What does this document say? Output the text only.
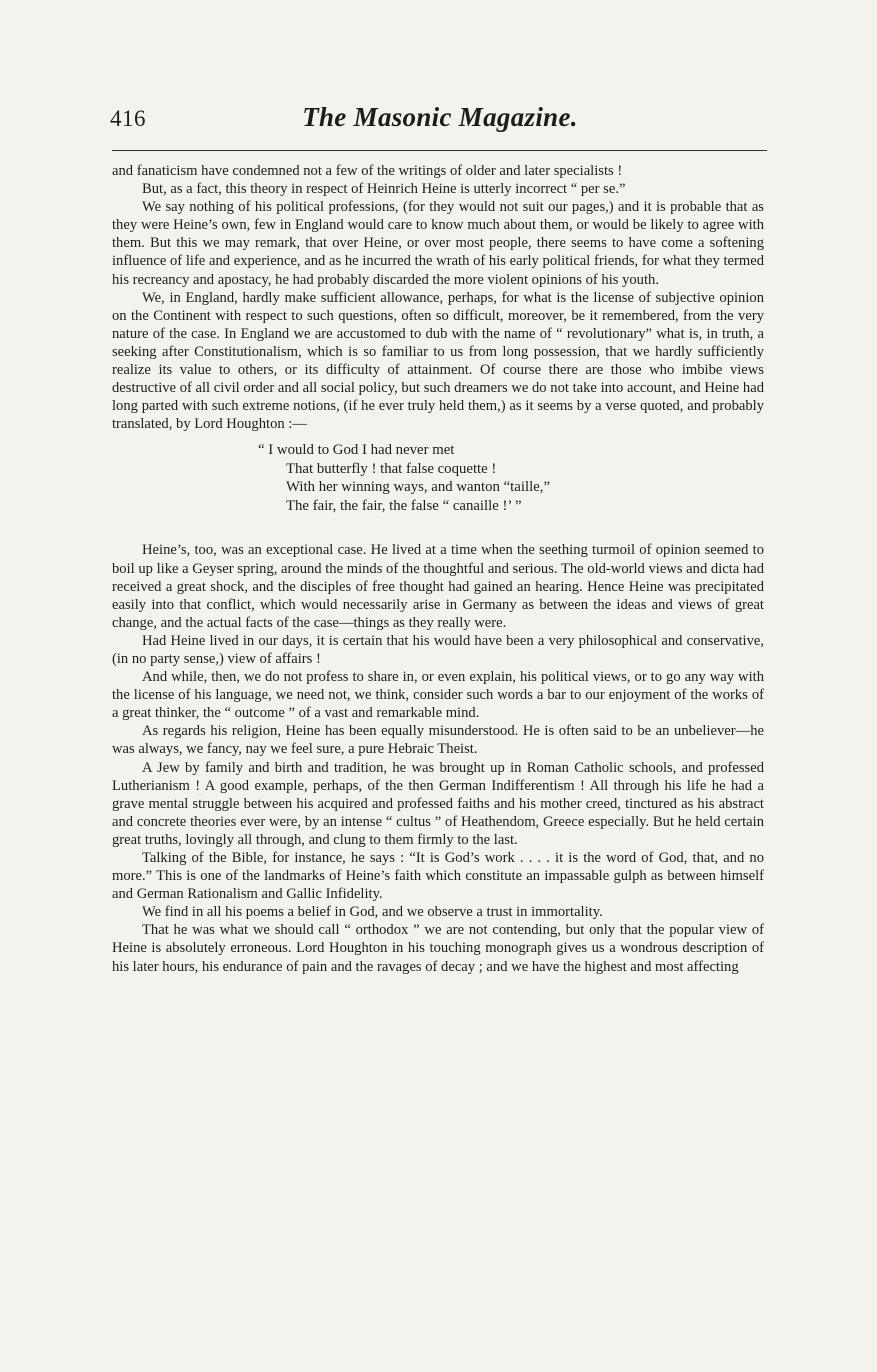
416	The Masonic Magazine.

and fanaticism have condemned not a few of the writings of older and later specialists !

But, as a fact, this theory in respect of Heinrich Heine is utterly incorrect “ per se.”

We say nothing of his political professions, (for they would not suit our pages,) and it is probable that as they were Heine’s own, few in England would care to know much about them, or would be likely to agree with them. But this we may remark, that over Heine, or over most people, there seems to have come a softening influence of life and experience, and as he incurred the wrath of his early political friends, for what they termed his recreancy and apostacy, he had probably discarded the more violent opinions of his youth.

We, in England, hardly make sufficient allowance, perhaps, for what is the license of subjective opinion on the Continent with respect to such questions, often so difficult, moreover, be it remembered, from the very nature of the case. In England we are accustomed to dub with the name of “ revolutionary” what is, in truth, a seeking after Constitutionalism, which is so familiar to us from long possession, that we hardly sufficiently realize its value to others, or its difficulty of attainment. Of course there are those who imbibe views destructive of all civil order and all social policy, but such dreamers we do not take into account, and Heine had long parted with such extreme notions, (if he ever truly held them,) as it seems by a verse quoted, and probably translated, by Lord Houghton :—

“ I would to God I had never met
That butterfly ! that false coquette !
With her winning ways, and wanton “taille,”
The fair, the fair, the false “ canaille !’ ”

Heine’s, too, was an exceptional case. He lived at a time when the seething turmoil of opinion seemed to boil up like a Geyser spring, around the minds of the thoughtful and serious. The old-world views and dicta had received a great shock, and the disciples of free thought had gained an hearing. Hence Heine was precipitated easily into that conflict, which would necessarily arise in Germany as between the ideas and views of great change, and the actual facts of the case—things as they really were.

Had Heine lived in our days, it is certain that his would have been a very philosophical and conservative, (in no party sense,) view of affairs !

And while, then, we do not profess to share in, or even explain, his political views, or to go any way with the license of his language, we need not, we think, consider such words a bar to our enjoyment of the works of a great thinker, the “ outcome ” of a vast and remarkable mind.

As regards his religion, Heine has been equally misunderstood. He is often said to be an unbeliever—he was always, we fancy, nay we feel sure, a pure Hebraic Theist.

A Jew by family and birth and tradition, he was brought up in Roman Catholic schools, and professed Lutherianism ! A good example, perhaps, of the then German Indifferentism ! All through his life he had a grave mental struggle between his acquired and professed faiths and his mother creed, tinctured as his abstract and concrete theories ever were, by an intense “ cultus ” of Heathendom, Greece especially. But he held certain great truths, lovingly all through, and clung to them firmly to the last.

Talking of the Bible, for instance, he says : “It is God’s work . . . . it is the word of God, that, and no more.” This is one of the landmarks of Heine’s faith which constitute an impassable gulph as between himself and German Rationalism and Gallic Infidelity.

We find in all his poems a belief in God, and we observe a trust in immortality.

That he was what we should call “ orthodox ” we are not contending, but only that the popular view of Heine is absolutely erroneous. Lord Houghton in his touching monograph gives us a wondrous description of his later hours, his endurance of pain and the ravages of decay ; and we have the highest and most affecting
